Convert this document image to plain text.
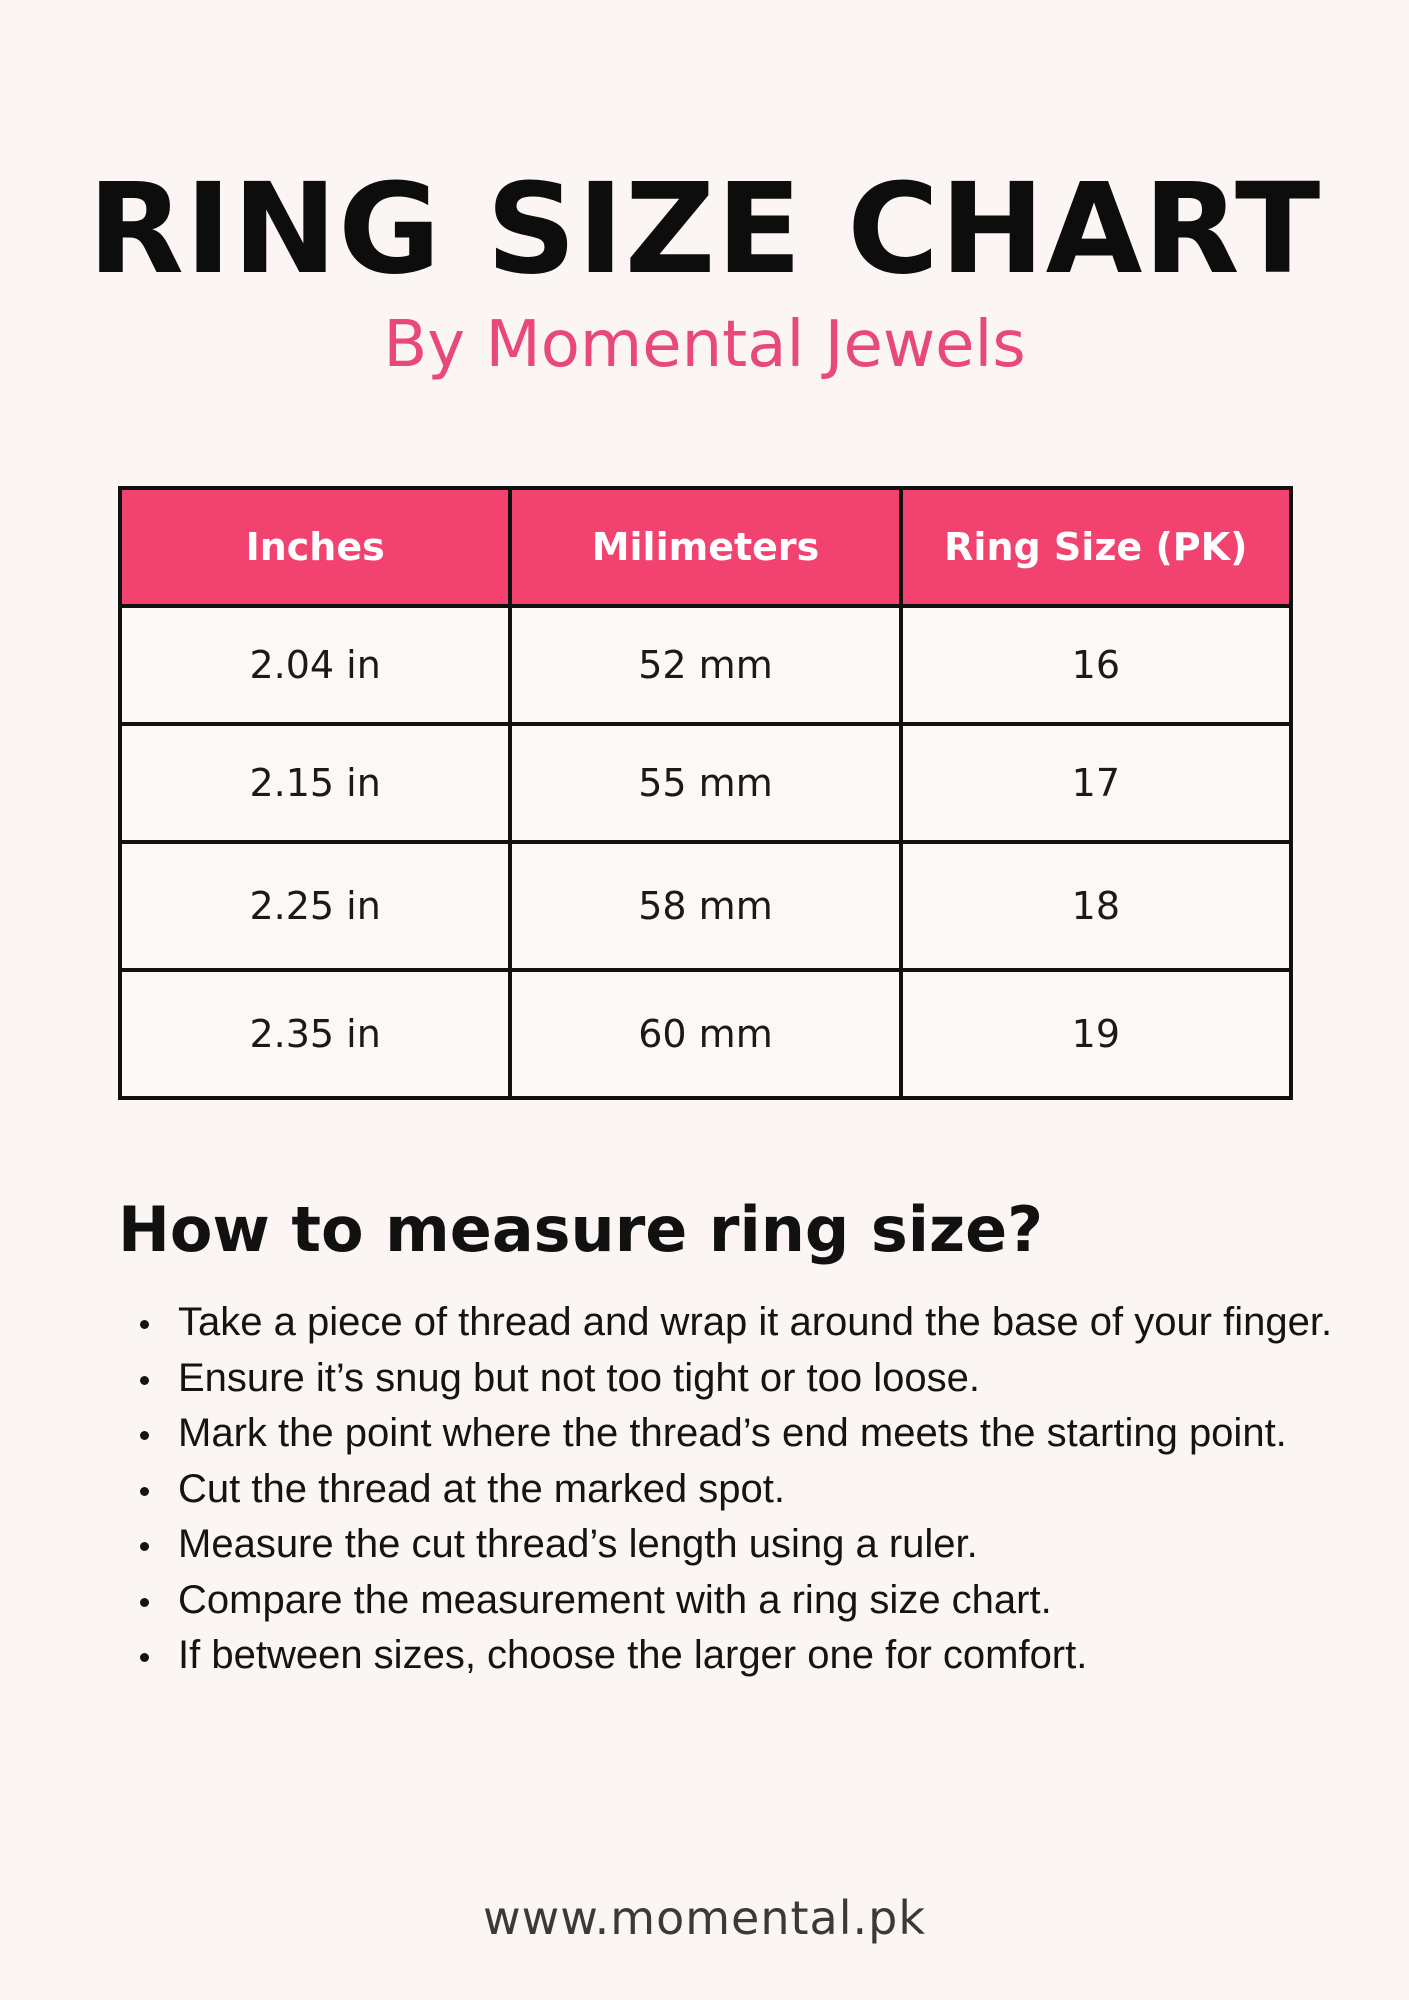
RING SIZE CHART
By Momental Jewels
Inches	Milimeters	Ring Size (PK)
2.04 in	52 mm	16
2.15 in	55 mm	17
2.25 in	58 mm	18
2.35 in	60 mm	19
How to measure ring size?
Take a piece of thread and wrap it around the base of your finger.
Ensure it’s snug but not too tight or too loose.
Mark the point where the thread’s end meets the starting point.
Cut the thread at the marked spot.
Measure the cut thread’s length using a ruler.
Compare the measurement with a ring size chart.
If between sizes, choose the larger one for comfort.
www.momental.pk
